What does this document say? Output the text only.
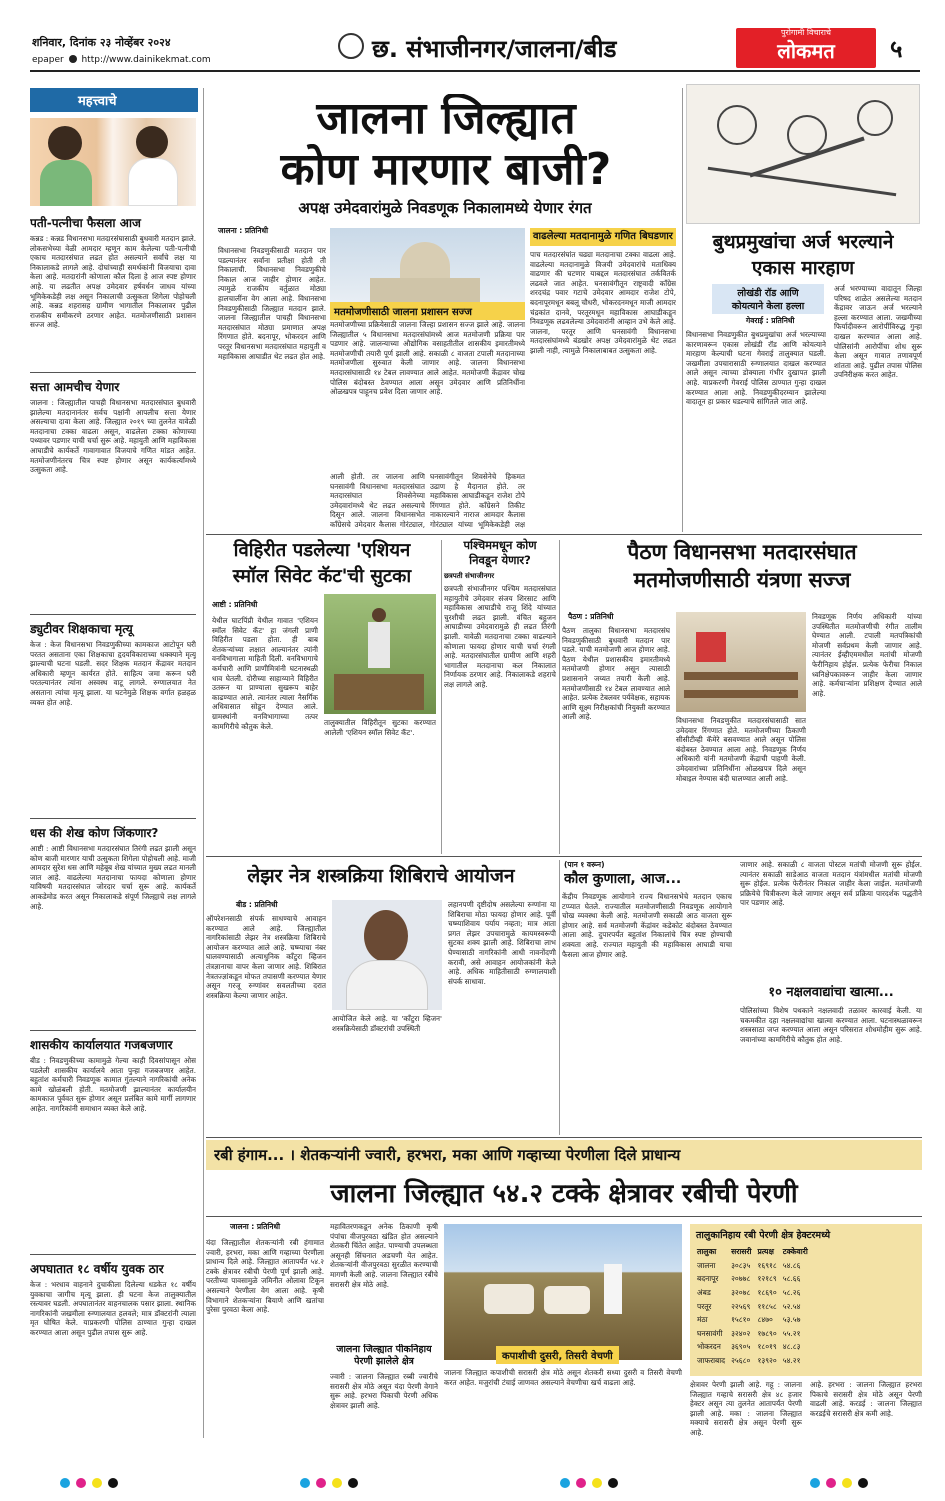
शनिवार, दिनांक २३ नोव्हेंबर २०२४
epaper http://www.dainikekmat.com	छ. संभाजीनगर/जालना/बीड
पुरोगामी विचाराचे
लोकमत	५
महत्त्वाचे
पती-पत्नीचा फैसला आज
कन्नड : कन्नड विधानसभा मतदारसंघासाठी बुधवारी मतदान झाले. लोकसभेच्या वेळी आमदार म्हणून काम केलेल्या पती-पत्नीची एकाच मतदारसंघात लढत होत असल्याने सर्वांचे लक्ष या निकालाकडे लागले आहे. दोघांच्याही समर्थकांनी विजयाचा दावा केला आहे. मतदारांनी कोणाला कौल दिला हे आज स्पष्ट होणार आहे. या लढतीत अपक्ष उमेदवार हर्षवर्धन जाधव यांच्या भूमिकेकडेही लक्ष असून निकालाची उत्सुकता शिगेला पोहोचली आहे. कन्नड शहरासह ग्रामीण भागातील निकालावर पुढील राजकीय समीकरणे ठरणार आहेत. मतमोजणीसाठी प्रशासन सज्ज आहे.
सत्ता आमचीच येणार
जालना : जिल्ह्यातील पाचही विधानसभा मतदारसंघात बुधवारी झालेल्या मतदानानंतर सर्वच पक्षांनी आपलीच सत्ता येणार असल्याचा दावा केला आहे. जिल्ह्यात २०१९ च्या तुलनेत यावेळी मतदानाचा टक्का वाढला असून, वाढलेला टक्का कोणाच्या पथ्यावर पडणार याची चर्चा सुरू आहे. महायुती आणि महाविकास आघाडीचे कार्यकर्ते गावागावात विजयाचे गणित मांडत आहेत. मतमोजणीनंतरच चित्र स्पष्ट होणार असून कार्यकर्त्यांमध्ये उत्सुकता आहे.
ड्युटीवर शिक्षकाचा मृत्यू
केज : केज विधानसभा निवडणुकीच्या कामकाज आटोपून घरी परतत असताना एका शिक्षकाचा हृदयविकाराच्या धक्क्याने मृत्यू झाल्याची घटना घडली. सदर शिक्षक मतदान केंद्रावर मतदान अधिकारी म्हणून कार्यरत होते. साहित्य जमा करून घरी परतल्यानंतर त्यांना अस्वस्थ वाटू लागले. रुग्णालयात नेत असताना त्यांचा मृत्यू झाला. या घटनेमुळे शिक्षक वर्गात हळहळ व्यक्त होत आहे.
धस की शेख कोण जिंकणार?
आष्टी : आष्टी विधानसभा मतदारसंघात तिरंगी लढत झाली असून कोण बाजी मारणार याची उत्सुकता शिगेला पोहोचली आहे. माजी आमदार सुरेश धस आणि महेबूब शेख यांच्यात मुख्य लढत मानली जात आहे. वाढलेल्या मतदानाचा फायदा कोणाला होणार याविषयी मतदारसंघात जोरदार चर्चा सुरू आहे. कार्यकर्ते आकडेमोड करत असून निकालाकडे संपूर्ण जिल्ह्याचे लक्ष लागले आहे.
शासकीय कार्यालयात गजबजणार
बीड : निवडणुकीच्या कामामुळे गेल्या काही दिवसांपासून ओस पडलेली शासकीय कार्यालये आता पुन्हा गजबजणार आहेत. बहुतांश कर्मचारी निवडणूक कामात गुंतल्याने नागरिकांची अनेक कामे खोळंबली होती. मतमोजणी झाल्यानंतर कार्यालयीन कामकाज पूर्ववत सुरू होणार असून प्रलंबित कामे मार्गी लागणार आहेत. नागरिकांनी समाधान व्यक्त केले आहे.
अपघातात १८ वर्षीय युवक ठार
केज : भरधाव वाहनाने दुचाकीला दिलेल्या धडकेत १८ वर्षीय युवकाचा जागीच मृत्यू झाला. ही घटना केज तालुक्यातील रस्त्यावर घडली. अपघातानंतर वाहनचालक पसार झाला. स्थानिक नागरिकांनी जखमीला रुग्णालयात हलवले; मात्र डॉक्टरांनी त्याला मृत घोषित केले. याप्रकरणी पोलिस ठाण्यात गुन्हा दाखल करण्यात आला असून पुढील तपास सुरू आहे.
जालना जिल्ह्यात
कोण मारणार बाजी?
अपक्ष उमेदवारांमुळे निवडणूक निकालामध्ये येणार रंगत
जालना : प्रतिनिधी
विधानसभा निवडणुकीसाठी मतदान पार पडल्यानंतर सर्वांना प्रतीक्षा होती ती निकालाची. विधानसभा निवडणुकीचे निकाल आज जाहीर होणार आहेत. त्यामुळे राजकीय वर्तुळात मोठ्या हालचालींना वेग आला आहे. विधानसभा निवडणुकीसाठी जिल्ह्यात मतदान झाले. जालना जिल्ह्यातील पाचही विधानसभा मतदारसंघात मोठ्या प्रमाणात अपक्ष रिंगणात होते. बदनापूर, भोकरदन आणि परतूर विधानसभा मतदारसंघात महायुती व महाविकास आघाडीत थेट लढत होत आहे.
मतमोजणीसाठी जालना प्रशासन सज्ज
मतमोजणीच्या प्रक्रियेसाठी जालना जिल्हा प्रशासन सज्ज झाले आहे. जालना जिल्ह्यातील ५ विधानसभा मतदारसंघांमध्ये आज मतमोजणी प्रक्रिया पार पडणार आहे. जालन्याच्या औद्योगिक वसाहतीतील शासकीय इमारतीमध्ये मतमोजणीची तयारी पूर्ण झाली आहे. सकाळी ८ वाजता टपाली मतदानाच्या मतमोजणीला सुरुवात केली जाणार आहे. जालना विधानसभा मतदारसंघासाठी १४ टेबल लावण्यात आले आहेत. मतमोजणी केंद्रावर चोख पोलिस बंदोबस्त ठेवण्यात आला असून उमेदवार आणि प्रतिनिधींना ओळखपत्र पाहूनच प्रवेश दिला जाणार आहे.
वाढलेल्या मतदानामुळे गणित बिघडणार
पाच मतदारसंघांत चढ्या मतदानाचा टक्का वाढला आहे. वाढलेल्या मतदानामुळे विजयी उमेदवारांचे मताधिक्य वाढणार की घटणार याबद्दल मतदारसंघात तर्कवितर्क लढवले जात आहेत. घनसावंगीतून राष्ट्रवादी काँग्रेस शरदचंद्र पवार गटाचे उमेदवार आमदार राजेश टोपे, बदनापूरमधून बबलू चौधरी, भोकरदनमधून माजी आमदार चंद्रकांत दानवे, परतूरमधून महाविकास आघाडीकडून निवडणूक लढवलेल्या उमेदवारांनी आव्हान उभे केले आहे. जालना, परतूर आणि घनसावंगी विधानसभा मतदारसंघांमध्ये बंडखोर अपक्ष उमेदवारांमुळे थेट लढत झाली नाही, त्यामुळे निकालाबाबत उत्सुकता आहे.
आली होती. तर जालना आणि घनसावंगी विधानसभा मतदारसंघात मतदारसंघात शिवसेनेच्या उमेदवारांमध्ये थेट लढत असल्याचे दिसून आले. जालना विधानसभेत काँग्रेसचे उमेदवार कैलास गोरंट्याल,
घनसावंगीतून शिवसेनेचे हिकमत उढाण हे मैदानात होते. तर महाविकास आघाडीकडून राजेश टोपे रिंगणात होते. काँग्रेसने तिकीट नाकारल्याने नाराज आमदार कैलास गोरंट्याल यांच्या भूमिकेकडेही लक्ष
बुथप्रमुखांचा अर्ज भरल्याने
एकास मारहाण
लोखंडी रॉड आणि
कोयत्याने केला हल्ला
गेवराई : प्रतिनिधी
विधानसभा निवडणुकीत बुथप्रमुखांचा अर्ज भरल्याच्या कारणावरून एकास लोखंडी रॉड आणि कोयत्याने मारहाण केल्याची घटना गेवराई तालुक्यात घडली. जखमीला उपचारासाठी रुग्णालयात दाखल करण्यात आले असून त्याच्या डोक्याला गंभीर दुखापत झाली आहे. याप्रकरणी गेवराई पोलिस ठाण्यात गुन्हा दाखल करण्यात आला आहे. निवडणुकीदरम्यान झालेल्या वादातून हा प्रकार घडल्याचे सांगितले जात आहे.
अर्ज भरण्याच्या वादातून जिल्हा परिषद शाळेत असलेल्या मतदान केंद्रावर जाऊन अर्ज भरल्याने हल्ला करण्यात आला. जखमीच्या फिर्यादीवरून आरोपींविरुद्ध गुन्हा दाखल करण्यात आला आहे. पोलिसांनी आरोपींचा शोध सुरू केला असून गावात तणावपूर्ण शांतता आहे. पुढील तपास पोलिस उपनिरीक्षक करत आहेत.
विहिरीत पडलेल्या 'एशियन
स्मॉल सिवेट कॅट'ची सुटका
आष्टी : प्रतिनिधी
येथील घाटपिंप्री येथील गावात 'एशियन स्मॉल सिवेट कॅट' हा जंगली प्राणी विहिरीत पडला होता. ही बाब शेतकऱ्यांच्या लक्षात आल्यानंतर त्यांनी वनविभागाला माहिती दिली. वनविभागाचे कर्मचारी आणि प्राणीमित्रांनी घटनास्थळी धाव घेतली. दोरीच्या साहाय्याने विहिरीत उतरून या प्राण्याला सुखरूप बाहेर काढण्यात आले. त्यानंतर त्याला नैसर्गिक अधिवासात सोडून देण्यात आले. ग्रामस्थांनी वनविभागाच्या तत्पर कामगिरीचे कौतुक केले.	तालुक्यातील विहिरीतून सुटका करण्यात आलेली 'एशियन स्मॉल सिवेट कॅट'.
पश्चिममधून कोण
निवडून येणार?
छत्रपती संभाजीनगर
छत्रपती संभाजीनगर पश्चिम मतदारसंघात महायुतीचे उमेदवार संजय शिरसाट आणि महाविकास आघाडीचे राजू शिंदे यांच्यात चुरशीची लढत झाली. वंचित बहुजन आघाडीच्या उमेदवारामुळे ही लढत तिरंगी झाली. यावेळी मतदानाचा टक्का वाढल्याने कोणाला फायदा होणार याची चर्चा रंगली आहे. मतदारसंघातील ग्रामीण आणि शहरी भागातील मतदानाचा कल निकालात निर्णायक ठरणार आहे. निकालाकडे शहराचे लक्ष लागले आहे.
पैठण विधानसभा मतदारसंघात
मतमोजणीसाठी यंत्रणा सज्ज
पैठण : प्रतिनिधी
पैठण तालुका विधानसभा मतदारसंघ निवडणुकीसाठी बुधवारी मतदान पार पडले. याची मतमोजणी आज होणार आहे. पैठण येथील प्रशासकीय इमारतीमध्ये मतमोजणी होणार असून त्यासाठी प्रशासनाने जय्यत तयारी केली आहे. मतमोजणीसाठी १४ टेबल लावण्यात आले आहेत. प्रत्येक टेबलवर पर्यवेक्षक, सहायक आणि सूक्ष्म निरीक्षकांची नियुक्ती करण्यात आली आहे.	विधानसभा निवडणुकीत मतदारसंघासाठी सात उमेदवार रिंगणात होते. मतमोजणीच्या ठिकाणी सीसीटीव्ही कॅमेरे बसवण्यात आले असून पोलिस बंदोबस्त ठेवण्यात आला आहे. निवडणूक निर्णय अधिकारी यांनी मतमोजणी केंद्राची पाहणी केली. उमेदवारांच्या प्रतिनिधींना ओळखपत्र दिले असून मोबाइल नेण्यास बंदी घालण्यात आली आहे.
निवडणूक निर्णय अधिकारी यांच्या उपस्थितीत मतमोजणीची रंगीत तालीम घेण्यात आली. टपाली मतपत्रिकांची मोजणी सर्वप्रथम केली जाणार आहे. त्यानंतर ईव्हीएममधील मतांची मोजणी फेरीनिहाय होईल. प्रत्येक फेरीचा निकाल ध्वनिक्षेपकावरून जाहीर केला जाणार आहे. कर्मचाऱ्यांना प्रशिक्षण देण्यात आले आहे.
लेझर नेत्र शस्त्रक्रिया शिबिराचे आयोजन
बीड : प्रतिनिधी
ऑपरेशनसाठी संपर्क साधण्याचे आवाहन करण्यात आले आहे. जिल्ह्यातील नागरिकांसाठी लेझर नेत्र शस्त्रक्रिया शिबिराचे आयोजन करण्यात आले आहे. चष्म्याचा नंबर घालवण्यासाठी अत्याधुनिक कॉंटुरा व्हिजन तंत्रज्ञानाचा वापर केला जाणार आहे. शिबिरात नेत्रतज्ज्ञांकडून मोफत तपासणी करण्यात येणार असून गरजू रुग्णांवर सवलतीच्या दरात शस्त्रक्रिया केल्या जाणार आहेत.
आयोजित केले आहे. या 'कॉंटुरा व्हिजन' शस्त्रक्रियेसाठी डॉक्टरांची उपस्थिती
लहानपणी दृष्टीदोष असलेल्या रुग्णांना या शिबिराचा मोठा फायदा होणार आहे. पूर्वी चष्म्याशिवाय पर्याय नव्हता; मात्र आता प्रगत लेझर उपचारामुळे कायमस्वरूपी सुटका शक्य झाली आहे. शिबिराचा लाभ घेण्यासाठी नागरिकांनी आधी नावनोंदणी करावी, असे आवाहन आयोजकांनी केले आहे. अधिक माहितीसाठी रुग्णालयाशी संपर्क साधावा.
(पान १ वरून)
कौल कुणाला, आज...
केंद्रीय निवडणूक आयोगाने राज्य विधानसभेचे मतदान एकाच टप्प्यात घेतले. राज्यातील मतमोजणीसाठी निवडणूक आयोगाने चोख व्यवस्था केली आहे. मतमोजणी सकाळी आठ वाजता सुरू होणार आहे. सर्व मतमोजणी केंद्रांवर कडेकोट बंदोबस्त ठेवण्यात आला आहे. दुपारपर्यंत बहुतांश निकालांचे चित्र स्पष्ट होण्याची शक्यता आहे. राज्यात महायुती की महाविकास आघाडी याचा फैसला आज होणार आहे.
जाणार आहे. सकाळी ८ वाजता पोस्टल मतांची मोजणी सुरू होईल. त्यानंतर सकाळी साडेआठ वाजता मतदान यंत्रांमधील मतांची मोजणी सुरू होईल. प्रत्येक फेरीनंतर निकाल जाहीर केला जाईल. मतमोजणी प्रक्रियेचे चित्रीकरण केले जाणार असून सर्व प्रक्रिया पारदर्शक पद्धतीने पार पडणार आहे.
१० नक्षलवाद्यांचा खात्मा...
पोलिसांच्या विशेष पथकाने नक्षलवादी तळावर कारवाई केली. या चकमकीत दहा नक्षलवाद्यांचा खात्मा करण्यात आला. घटनास्थळावरून शस्त्रसाठा जप्त करण्यात आला असून परिसरात शोधमोहीम सुरू आहे. जवानांच्या कामगिरीचे कौतुक होत आहे.
रबी हंगाम... । शेतकऱ्यांनी ज्वारी, हरभरा, मका आणि गव्हाच्या पेरणीला दिले प्राधान्य
जालना जिल्ह्यात ५४.२ टक्के क्षेत्रावर रबीची पेरणी
जालना : प्रतिनिधी
यंदा जिल्ह्यातील शेतकऱ्यांनी रबी हंगामात ज्वारी, हरभरा, मका आणि गव्हाच्या पेरणीला प्राधान्य दिले आहे. जिल्ह्यात आतापर्यंत ५४.२ टक्के क्षेत्रावर रबीची पेरणी पूर्ण झाली आहे. परतीच्या पावसामुळे जमिनीत ओलावा टिकून असल्याने पेरणीला वेग आला आहे. कृषी विभागाने शेतकऱ्यांना बियाणे आणि खतांचा पुरेसा पुरवठा केला आहे.
महावितरणकडून अनेक ठिकाणी कृषी पंपांचा वीजपुरवठा खंडित होत असल्याने शेतकरी चिंतेत आहेत. पाण्याची उपलब्धता असूनही सिंचनात अडचणी येत आहेत. शेतकऱ्यांनी वीजपुरवठा सुरळीत करण्याची मागणी केली आहे. जालना जिल्ह्यात रबीचे सरासरी क्षेत्र मोठे आहे.
जालना जिल्ह्यात पीकनिहाय पेरणी झालेले क्षेत्र
ज्वारी : जालना जिल्ह्यात रब्बी ज्वारीचे सरासरी क्षेत्र मोठे असून यंदा पेरणी वेगाने सुरू आहे. हरभरा पिकाची पेरणी अधिक क्षेत्रावर झाली आहे.
कपाशीची दुसरी, तिसरी वेचणी
जालना जिल्ह्यात कपाशीची सरासरी क्षेत्र मोठे असून शेतकरी सध्या दुसरी व तिसरी वेचणी करत आहेत. मजुरांची टंचाई जाणवत असल्याने वेचणीचा खर्च वाढला आहे.
तालुकानिहाय रबी पेरणी क्षेत्र हेक्टरमध्ये
तालुका	सरासरी	प्रत्यक्ष	टक्केवारी
जालना	३०८३५	१६९१८	५४.८६
बदनापूर	२०७७८	१२१८९	५८.६६
अंबड	३२०७८	१८६९०	५८.२६
परतूर	२२५६९	११८५८	५२.५४
मंठा	१५८१०	८४७०	५३.५७
घनसावंगी	३२४०२	१७८९०	५५.२१
भोकरदन	३६९०५	१८०१९	४८.८३
जाफराबाद	२५६८०	१३९२०	५४.२१
क्षेत्रावर पेरणी झाली आहे. गहू : जालना जिल्ह्यात गव्हाचे सरासरी क्षेत्र ४८ हजार हेक्टर असून त्या तुलनेत आतापर्यंत पेरणी झाली आहे. मका : जालना जिल्ह्यात मक्याचे सरासरी क्षेत्र असून पेरणी सुरू आहे.
आहे. हरभरा : जालना जिल्ह्यात हरभरा पिकाचे सरासरी क्षेत्र मोठे असून पेरणी वाढली आहे. करडई : जालना जिल्ह्यात करडईचे सरासरी क्षेत्र कमी आहे.
